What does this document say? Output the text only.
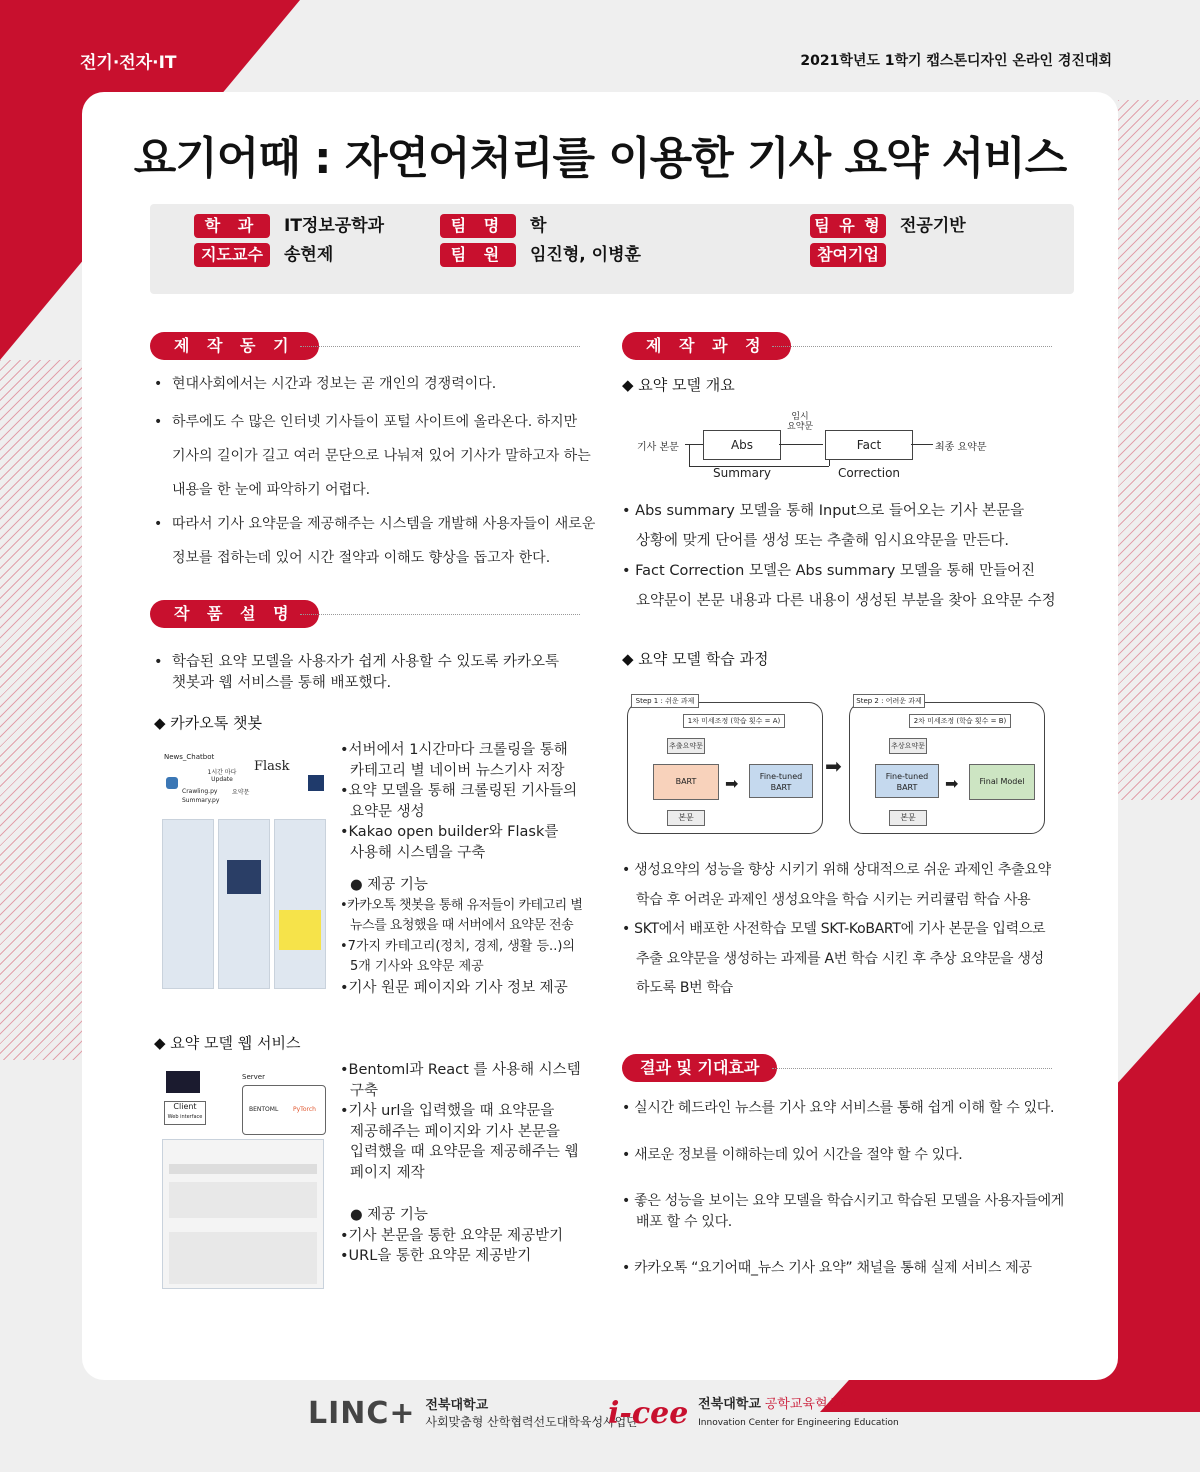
전기·전자·IT	2021학년도 1학기 캡스톤디자인 온라인 경진대회
요기어때 : 자연어처리를 이용한 기사 요약 서비스
학 과	IT정보공학과
지도교수	송현제
팀 명	학
팀 원	임진형, 이병훈
팀 유 형 전공기반
참여기업
제 작 동 기
• 현대사회에서는 시간과 정보는 곧 개인의 경쟁력이다.
• 하루에도 수 많은 인터넷 기사들이 포털 사이트에 올라온다. 하지만
기사의 길이가 길고 여러 문단으로 나눠져 있어 기사가 말하고자 하는
내용을 한 눈에 파악하기 어렵다.
• 따라서 기사 요약문을 제공해주는 시스템을 개발해 사용자들이 새로운
정보를 접하는데 있어 시간 절약과 이해도 향상을 돕고자 한다.
작 품 설 명
• 학습된 요약 모델을 사용자가 쉽게 사용할 수 있도록 카카오톡
챗봇과 웹 서비스를 통해 배포했다.
◆ 카카오톡 챗봇
News_Chatbot
Crawling.py
Summary.py
1시간 마다 Update
요약문
Flask
•서버에서 1시간마다 크롤링을 통해
카테고리 별 네이버 뉴스기사 저장
•요약 모델을 통해 크롤링된 기사들의
요약문 생성
•Kakao open builder와 Flask를
사용해 시스템을 구축
● 제공 기능
•카카오톡 챗봇을 통해 유저들이 카테고리 별
뉴스를 요청했을 때 서버에서 요약문 전송
•7가지 카테고리(정치, 경제, 생활 등..)의
5개 기사와 요약문 제공
•기사 원문 페이지와 기사 정보 제공
◆ 요약 모델 웹 서비스
Server
Client
Web interface
BENTOML PyTorch
•Bentoml과 React 를 사용해 시스템
구축
•기사 url을 입력했을 때 요약문을
제공해주는 페이지와 기사 본문을
입력했을 때 요약문을 제공해주는 웹
페이지 제작
● 제공 기능
•기사 본문을 통한 요약문 제공받기
•URL을 통한 요약문 제공받기
제 작 과 정
◆ 요약 모델 개요
기사 본문	Abs Summary
임시
요약문
Fact Correction
최종 요약문
• Abs summary 모델을 통해 Input으로 들어오는 기사 본문을
상황에 맞게 단어를 생성 또는 추출해 임시요약문을 만든다.
• Fact Correction 모델은 Abs summary 모델을 통해 만들어진
요약문이 본문 내용과 다른 내용이 생성된 부분을 찾아 요약문 수정
◆ 요약 모델 학습 과정
Step 1 : 쉬운 과제
1차 미세조정 (학습 횟수 = A)
추출요약문
BART	➡	Fine-tuned
BART
본문
➡
Step 2 : 어려운 과제
2차 미세조정 (학습 횟수 = B)
추상요약문
Fine-tuned
BART	➡	Final Model
본문
• 생성요약의 성능을 향상 시키기 위해 상대적으로 쉬운 과제인 추출요약
학습 후 어려운 과제인 생성요약을 학습 시키는 커리큘럼 학습 사용
• SKT에서 배포한 사전학습 모델 SKT-KoBART에 기사 본문을 입력으로
추출 요약문을 생성하는 과제를 A번 학습 시킨 후 추상 요약문을 생성
하도록 B번 학습
결과 및 기대효과
• 실시간 헤드라인 뉴스를 기사 요약 서비스를 통해 쉽게 이해 할 수 있다.
• 새로운 정보를 이해하는데 있어 시간을 절약 할 수 있다.
• 좋은 성능을 보이는 요약 모델을 학습시키고 학습된 모델을 사용자들에게
배포 할 수 있다.
• 카카오톡 “요기어때_뉴스 기사 요약” 채널을 통해 실제 서비스 제공
LINC+ 전북대학교
사회맞춤형 산학협력선도대학육성사업단
i-cee 전북대학교 공학교육혁신센터
Innovation Center for Engineering Education
